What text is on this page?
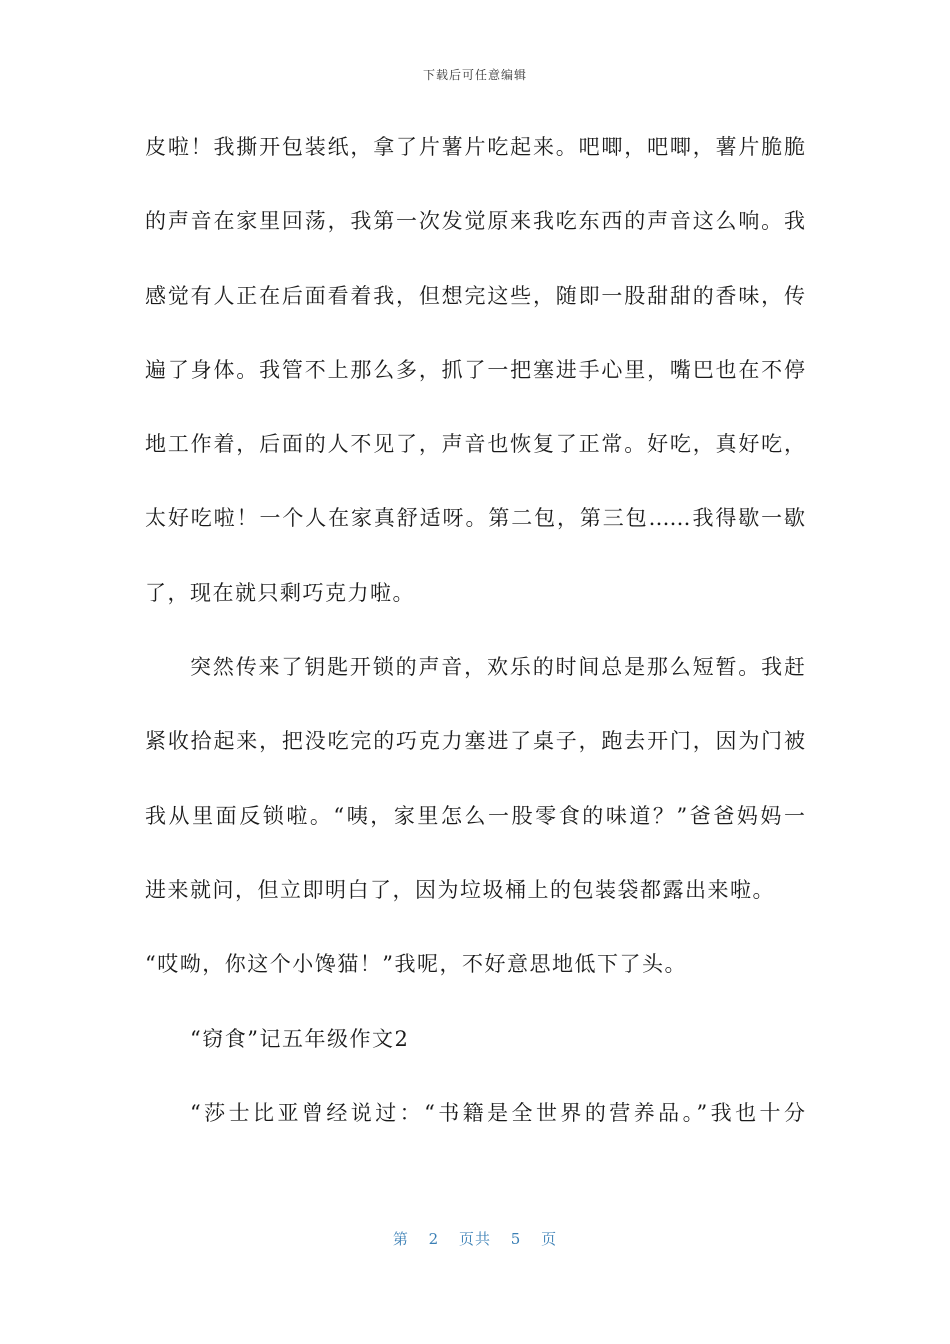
下载后可任意编辑
皮啦！我撕开包装纸，拿了片薯片吃起来。吧唧，吧唧，薯片脆脆
的声音在家里回荡，我第一次发觉原来我吃东西的声音这么响。我
感觉有人正在后面看着我，但想完这些，随即一股甜甜的香味，传
遍了身体。我管不上那么多，抓了一把塞进手心里，嘴巴也在不停
地工作着，后面的人不见了，声音也恢复了正常。好吃，真好吃，
太好吃啦！一个人在家真舒适呀。第二包，第三包……我得歇一歇
了，现在就只剩巧克力啦。
突然传来了钥匙开锁的声音，欢乐的时间总是那么短暂。我赶
紧收拾起来，把没吃完的巧克力塞进了桌子，跑去开门，因为门被
我从里面反锁啦。“咦，家里怎么一股零食的味道？”爸爸妈妈一
进来就问，但立即明白了，因为垃圾桶上的包装袋都露出来啦。
“哎呦，你这个小馋猫！”我呢，不好意思地低下了头。
“窃食”记五年级作文2
“莎士比亚曾经说过：“书籍是全世界的营养品。”我也十分
第 2 页共 5 页
